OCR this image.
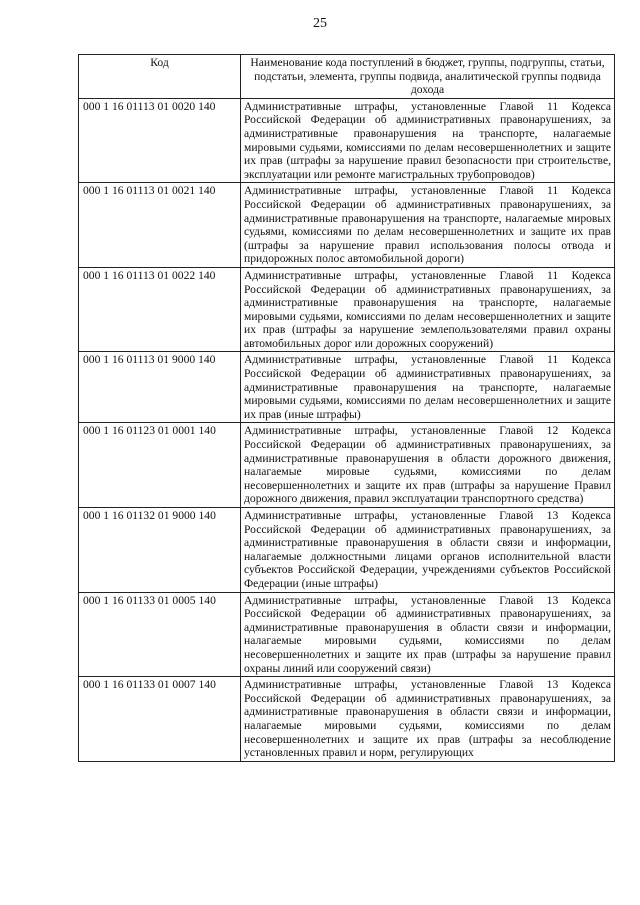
25
Код	Наименование кода поступлений в бюджет, группы, подгруппы, статьи, подстатьи, элемента, группы подвида, аналитической группы подвида дохода
000 1 16 01113 01 0020 140	Административные штрафы, установленные Главой 11 Кодекса Российской Федерации об административных правонарушениях, за административные правонарушения на транспорте, налагаемые мировыми судьями, комиссиями по делам несовершеннолетних и защите их прав (штрафы за нарушение правил безопасности при строительстве, эксплуатации или ремонте магистральных трубопроводов)
000 1 16 01113 01 0021 140	Административные штрафы, установленные Главой 11 Кодекса Российской Федерации об административных правонарушениях, за административные правонарушения на транспорте, налагаемые мировых судьями, комиссиями по делам несовершеннолетних и защите их прав (штрафы за нарушение правил использования полосы отвода и придорожных полос автомобильной дороги)
000 1 16 01113 01 0022 140	Административные штрафы, установленные Главой 11 Кодекса Российской Федерации об административных правонарушениях, за административные правонарушения на транспорте, налагаемые мировыми судьями, комиссиями по делам несовершеннолетних и защите их прав (штрафы за нарушение землепользователями правил охраны автомобильных дорог или дорожных сооружений)
000 1 16 01113 01 9000 140	Административные штрафы, установленные Главой 11 Кодекса Российской Федерации об административных правонарушениях, за административные правонарушения на транспорте, налагаемые мировыми судьями, комиссиями по делам несовершеннолетних и защите их прав (иные штрафы)
000 1 16 01123 01 0001 140	Административные штрафы, установленные Главой 12 Кодекса Российской Федерации об административных правонарушениях, за административные правонарушения в области дорожного движения, налагаемые мировые судьями, комиссиями по делам несовершеннолетних и защите их прав (штрафы за нарушение Правил дорожного движения, правил эксплуатации транспортного средства)
000 1 16 01132 01 9000 140	Административные штрафы, установленные Главой 13 Кодекса Российской Федерации об административных правонарушениях, за административные правонарушения в области связи и информации, налагаемые должностными лицами органов исполнительной власти субъектов Российской Федерации, учреждениями субъектов Российской Федерации (иные штрафы)
000 1 16 01133 01 0005 140	Административные штрафы, установленные Главой 13 Кодекса Российской Федерации об административных правонарушениях, за административные правонарушения в области связи и информации, налагаемые мировыми судьями, комиссиями по делам несовершеннолетних и защите их прав (штрафы за нарушение правил охраны линий или сооружений связи)
000 1 16 01133 01 0007 140	Административные штрафы, установленные Главой 13 Кодекса Российской Федерации об административных правонарушениях, за административные правонарушения в области связи и информации, налагаемые мировыми судьями, комиссиями по делам несовершеннолетних и защите их прав (штрафы за несоблюдение установленных правил и норм, регулирующих
